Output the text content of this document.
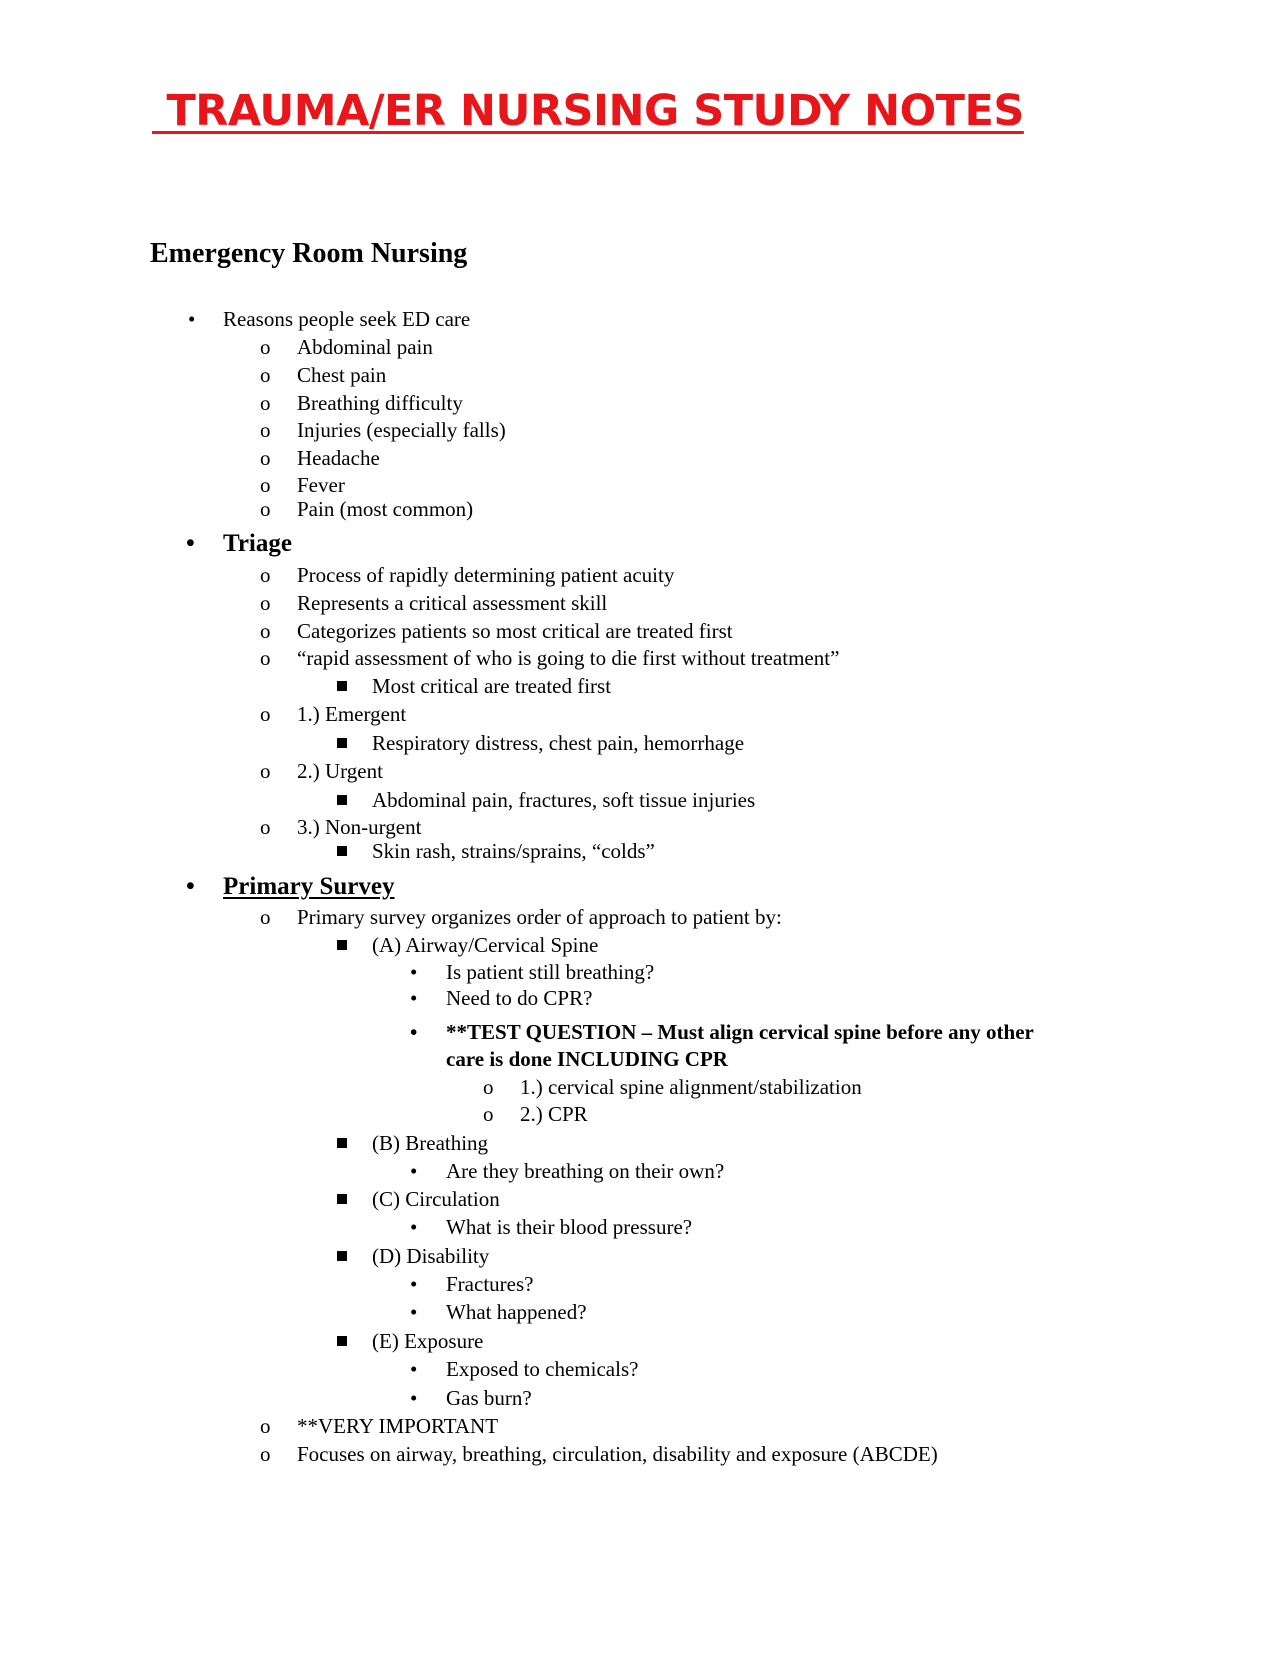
TRAUMA/ER NURSING STUDY NOTES
Emergency Room Nursing
• Reasons people seek ED care
o Abdominal pain
o Chest pain
o Breathing difficulty
o Injuries (especially falls)
o Headache
o Fever
o Pain (most common)
• Triage
o Process of rapidly determining patient acuity
o Represents a critical assessment skill
o Categorizes patients so most critical are treated first
o “rapid assessment of who is going to die first without treatment”
Most critical are treated first
o 1.) Emergent
Respiratory distress, chest pain, hemorrhage
o 2.) Urgent
Abdominal pain, fractures, soft tissue injuries
o 3.) Non-urgent
Skin rash, strains/sprains, “colds”
• Primary Survey
o Primary survey organizes order of approach to patient by:
(A) Airway/Cervical Spine
• Is patient still breathing?
• Need to do CPR?
• **TEST QUESTION – Must align cervical spine before any other
care is done INCLUDING CPR
o 1.) cervical spine alignment/stabilization
o 2.) CPR
(B) Breathing
• Are they breathing on their own?
(C) Circulation
• What is their blood pressure?
(D) Disability
• Fractures?
• What happened?
(E) Exposure
• Exposed to chemicals?
• Gas burn?
o **VERY IMPORTANT
o Focuses on airway, breathing, circulation, disability and exposure (ABCDE)
